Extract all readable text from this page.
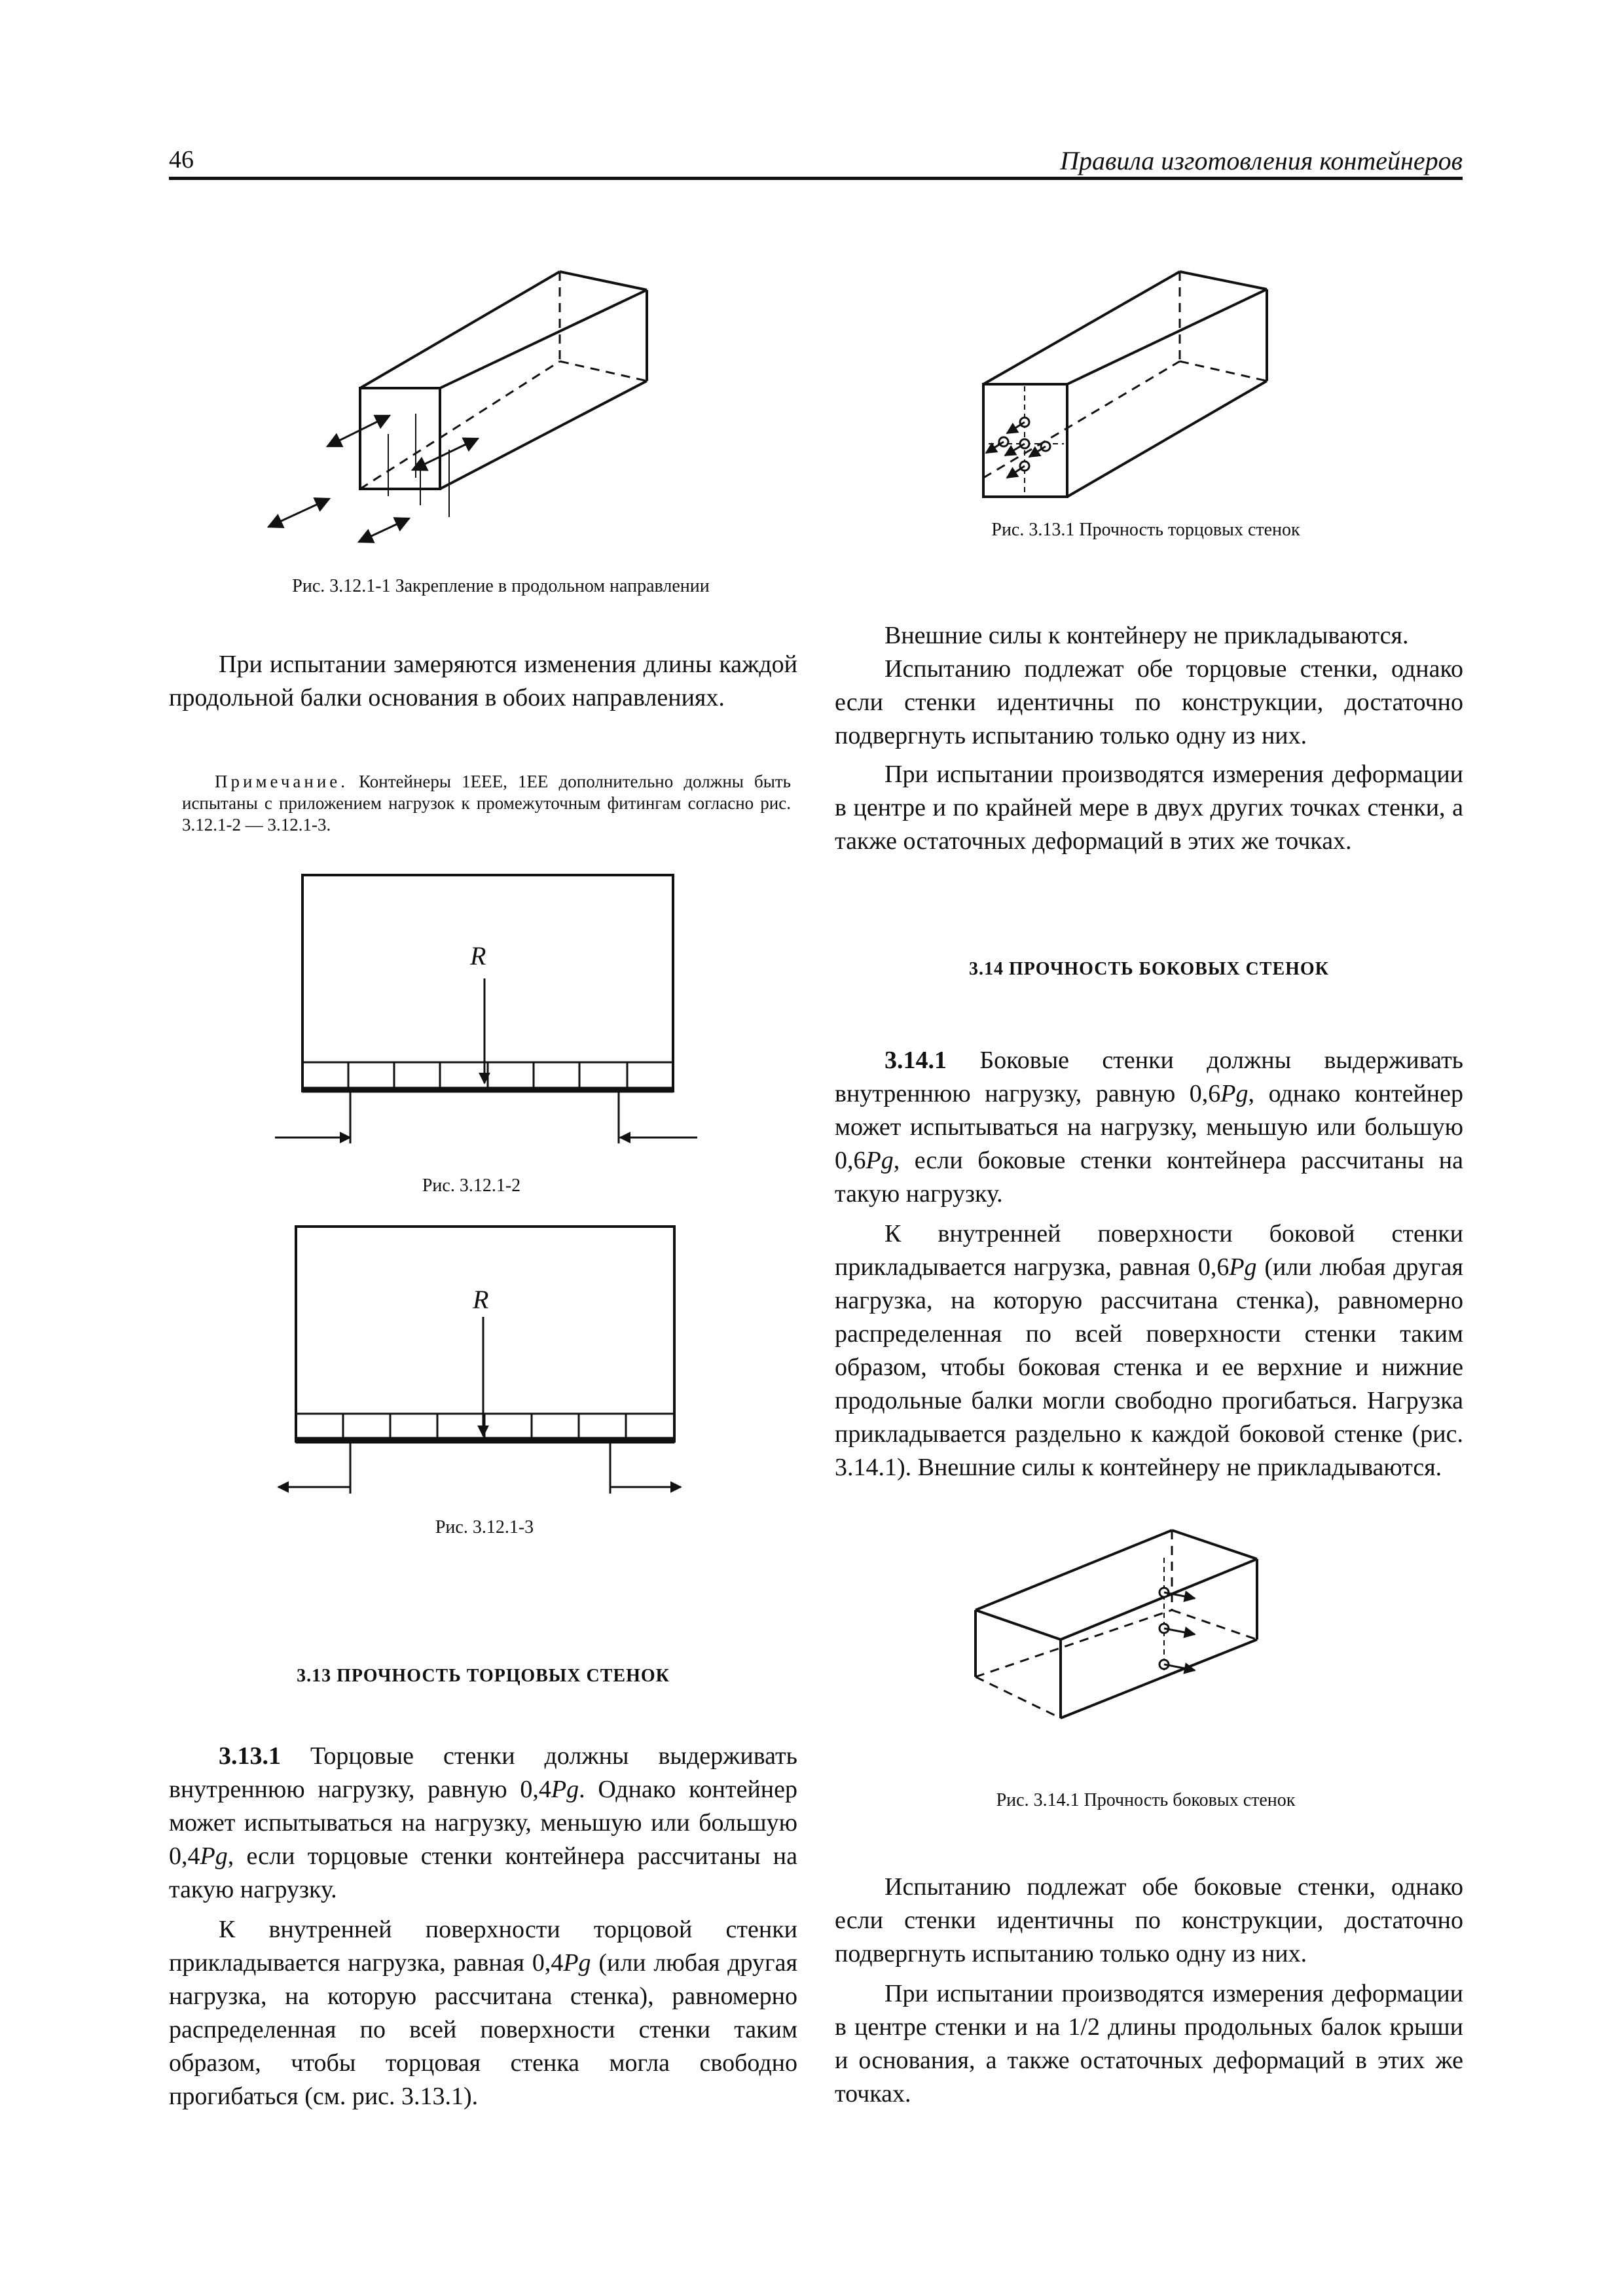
46	Правила изготовления контейнеров
Рис. 3.12.1-1 Закрепление в продольном направлении
Рис. 3.13.1 Прочность торцовых стенок

При испытании замеряются изменения длины каждой продольной балки основания в обоих направлениях.

Примечание. Контейнеры 1EEE, 1EE дополнительно должны быть испытаны с приложением нагрузок к промежуточным фитингам согласно рис. 3.12.1-2 — 3.12.1-3.
R
Рис. 3.12.1-2
R
Рис. 3.12.1-3
3.13 ПРОЧНОСТЬ ТОРЦОВЫХ СТЕНОК

3.13.1 Торцовые стенки должны выдерживать внутреннюю нагрузку, равную 0,4Pg. Однако контейнер может испытываться на нагрузку, меньшую или большую 0,4Pg, если торцовые стенки контейнера рассчитаны на такую нагрузку.

К внутренней поверхности торцовой стенки прикладывается нагрузка, равная 0,4Pg (или любая другая нагрузка, на которую рассчитана стенка), равномерно распределенная по всей поверхности стенки таким образом, чтобы торцовая стенка могла свободно прогибаться (см. рис. 3.13.1).

Внешние силы к контейнеру не прикладываются.

Испытанию подлежат обе торцовые стенки, однако если стенки идентичны по конструкции, достаточно подвергнуть испытанию только одну из них.

При испытании производятся измерения деформации в центре и по крайней мере в двух других точках стенки, а также остаточных деформаций в этих же точках.

3.14 ПРОЧНОСТЬ БОКОВЫХ СТЕНОК

3.14.1 Боковые стенки должны выдерживать внутреннюю нагрузку, равную 0,6Pg, однако контейнер может испытываться на нагрузку, меньшую или большую 0,6Pg, если боковые стенки контейнера рассчитаны на такую нагрузку.

К внутренней поверхности боковой стенки прикладывается нагрузка, равная 0,6Pg (или любая другая нагрузка, на которую рассчитана стенка), равномерно распределенная по всей поверхности стенки таким образом, чтобы боковая стенка и ее верхние и нижние продольные балки могли свободно прогибаться. Нагрузка прикладывается раздельно к каждой боковой стенке (рис. 3.14.1). Внешние силы к контейнеру не прикладываются.

Рис. 3.14.1 Прочность боковых стенок

Испытанию подлежат обе боковые стенки, однако если стенки идентичны по конструкции, достаточно подвергнуть испытанию только одну из них.

При испытании производятся измерения деформации в центре стенки и на 1/2 длины продольных балок крыши и основания, а также остаточных деформаций в этих же точках.
